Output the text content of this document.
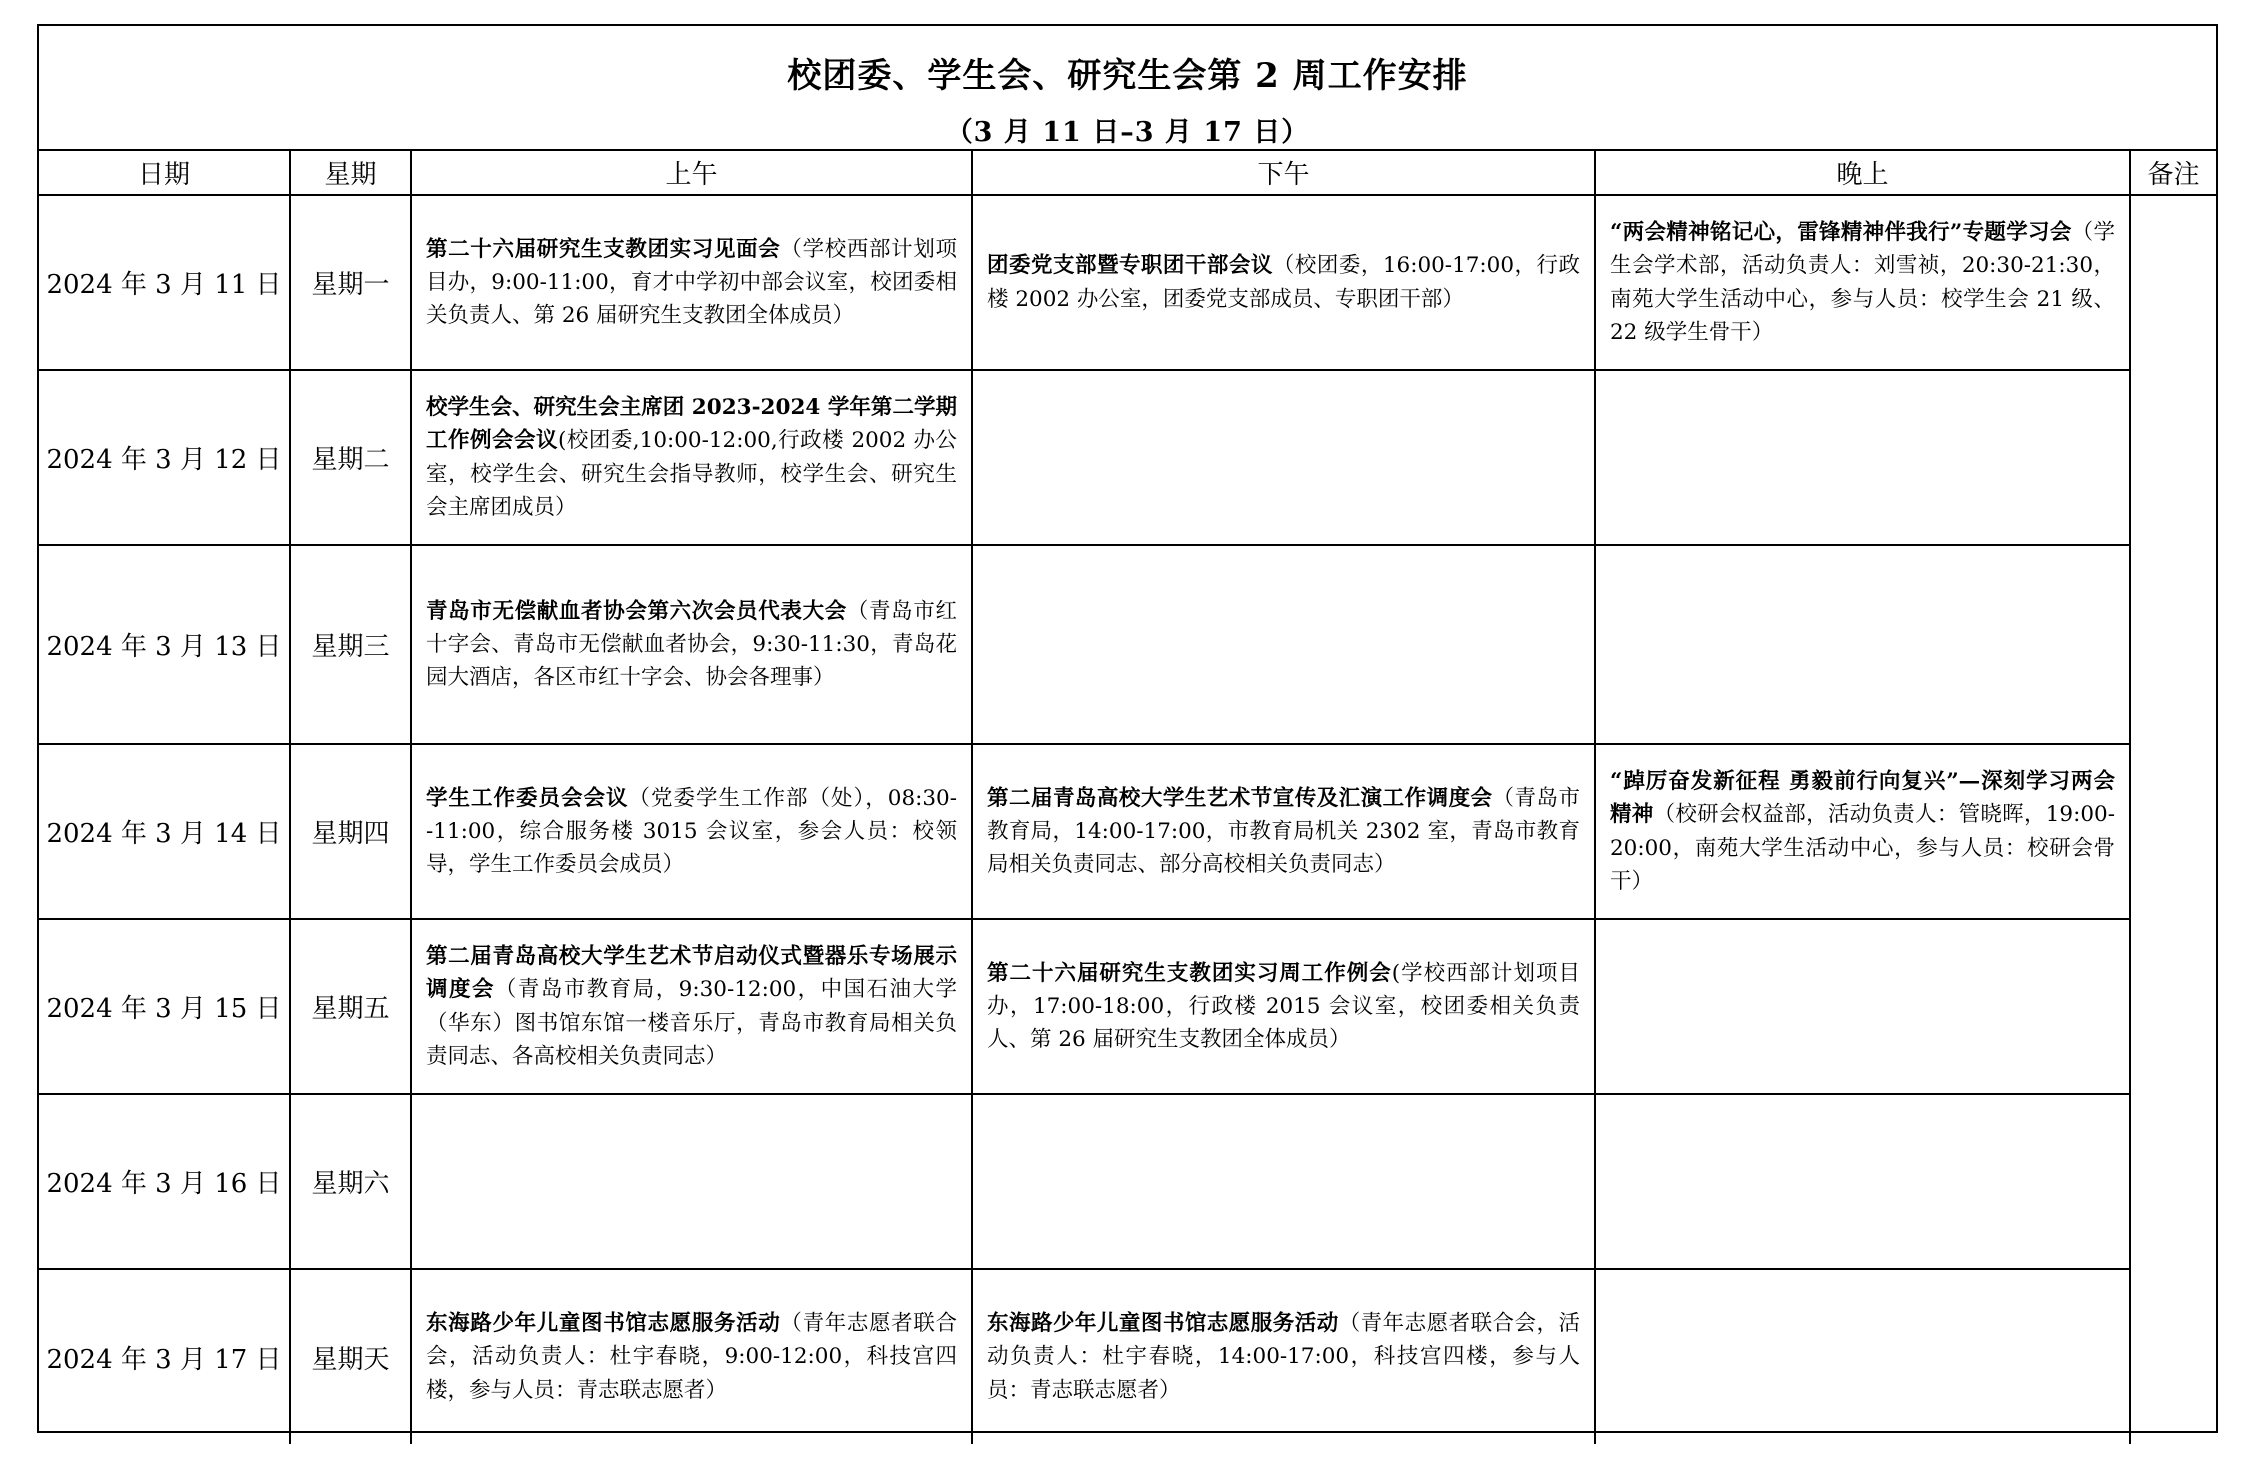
校团委、学生会、研究生会第 2 周工作安排
（3 月 11 日–3 月 17 日）
日期	星期	上午	下午	晚上	备注
2024 年 3 月 11 日	星期一	第二十六届研究生支教团实习见面会（学校西部计划项目办，9:00-11:00，育才中学初中部会议室，校团委相关负责人、第 26 届研究生支教团全体成员）	团委党支部暨专职团干部会议（校团委，16:00-17:00，行政楼 2002 办公室，团委党支部成员、专职团干部）	“两会精神铭记心，雷锋精神伴我行”专题学习会（学生会学术部，活动负责人：刘雪祯，20:30-21:30，南苑大学生活动中心，参与人员：校学生会 21 级、22 级学生骨干）	
2024 年 3 月 12 日	星期二	校学生会、研究生会主席团 2023-2024 学年第二学期工作例会会议(校团委,10:00-12:00,行政楼 2002 办公室，校学生会、研究生会指导教师，校学生会、研究生会主席团成员）			
2024 年 3 月 13 日	星期三	青岛市无偿献血者协会第六次会员代表大会（青岛市红十字会、青岛市无偿献血者协会，9:30-11:30，青岛花园大酒店，各区市红十字会、协会各理事）			
2024 年 3 月 14 日	星期四	学生工作委员会会议（党委学生工作部（处），08:30--11:00，综合服务楼 3015 会议室，参会人员：校领导，学生工作委员会成员）	第二届青岛高校大学生艺术节宣传及汇演工作调度会（青岛市教育局，14:00-17:00，市教育局机关 2302 室，青岛市教育局相关负责同志、部分高校相关负责同志）	“踔厉奋发新征程 勇毅前行向复兴”—深刻学习两会精神（校研会权益部，活动负责人：管晓晖，19:00-20:00，南苑大学生活动中心，参与人员：校研会骨干）	
2024 年 3 月 15 日	星期五	第二届青岛高校大学生艺术节启动仪式暨器乐专场展示调度会（青岛市教育局，9:30-12:00，中国石油大学（华东）图书馆东馆一楼音乐厅，青岛市教育局相关负责同志、各高校相关负责同志）	第二十六届研究生支教团实习周工作例会(学校西部计划项目办，17:00-18:00，行政楼 2015 会议室，校团委相关负责人、第 26 届研究生支教团全体成员）		
2024 年 3 月 16 日	星期六				
2024 年 3 月 17 日	星期天	东海路少年儿童图书馆志愿服务活动（青年志愿者联合会，活动负责人：杜宇春晓，9:00-12:00，科技宫四楼，参与人员：青志联志愿者）	东海路少年儿童图书馆志愿服务活动（青年志愿者联合会，活动负责人：杜宇春晓，14:00-17:00，科技宫四楼，参与人员：青志联志愿者）		
